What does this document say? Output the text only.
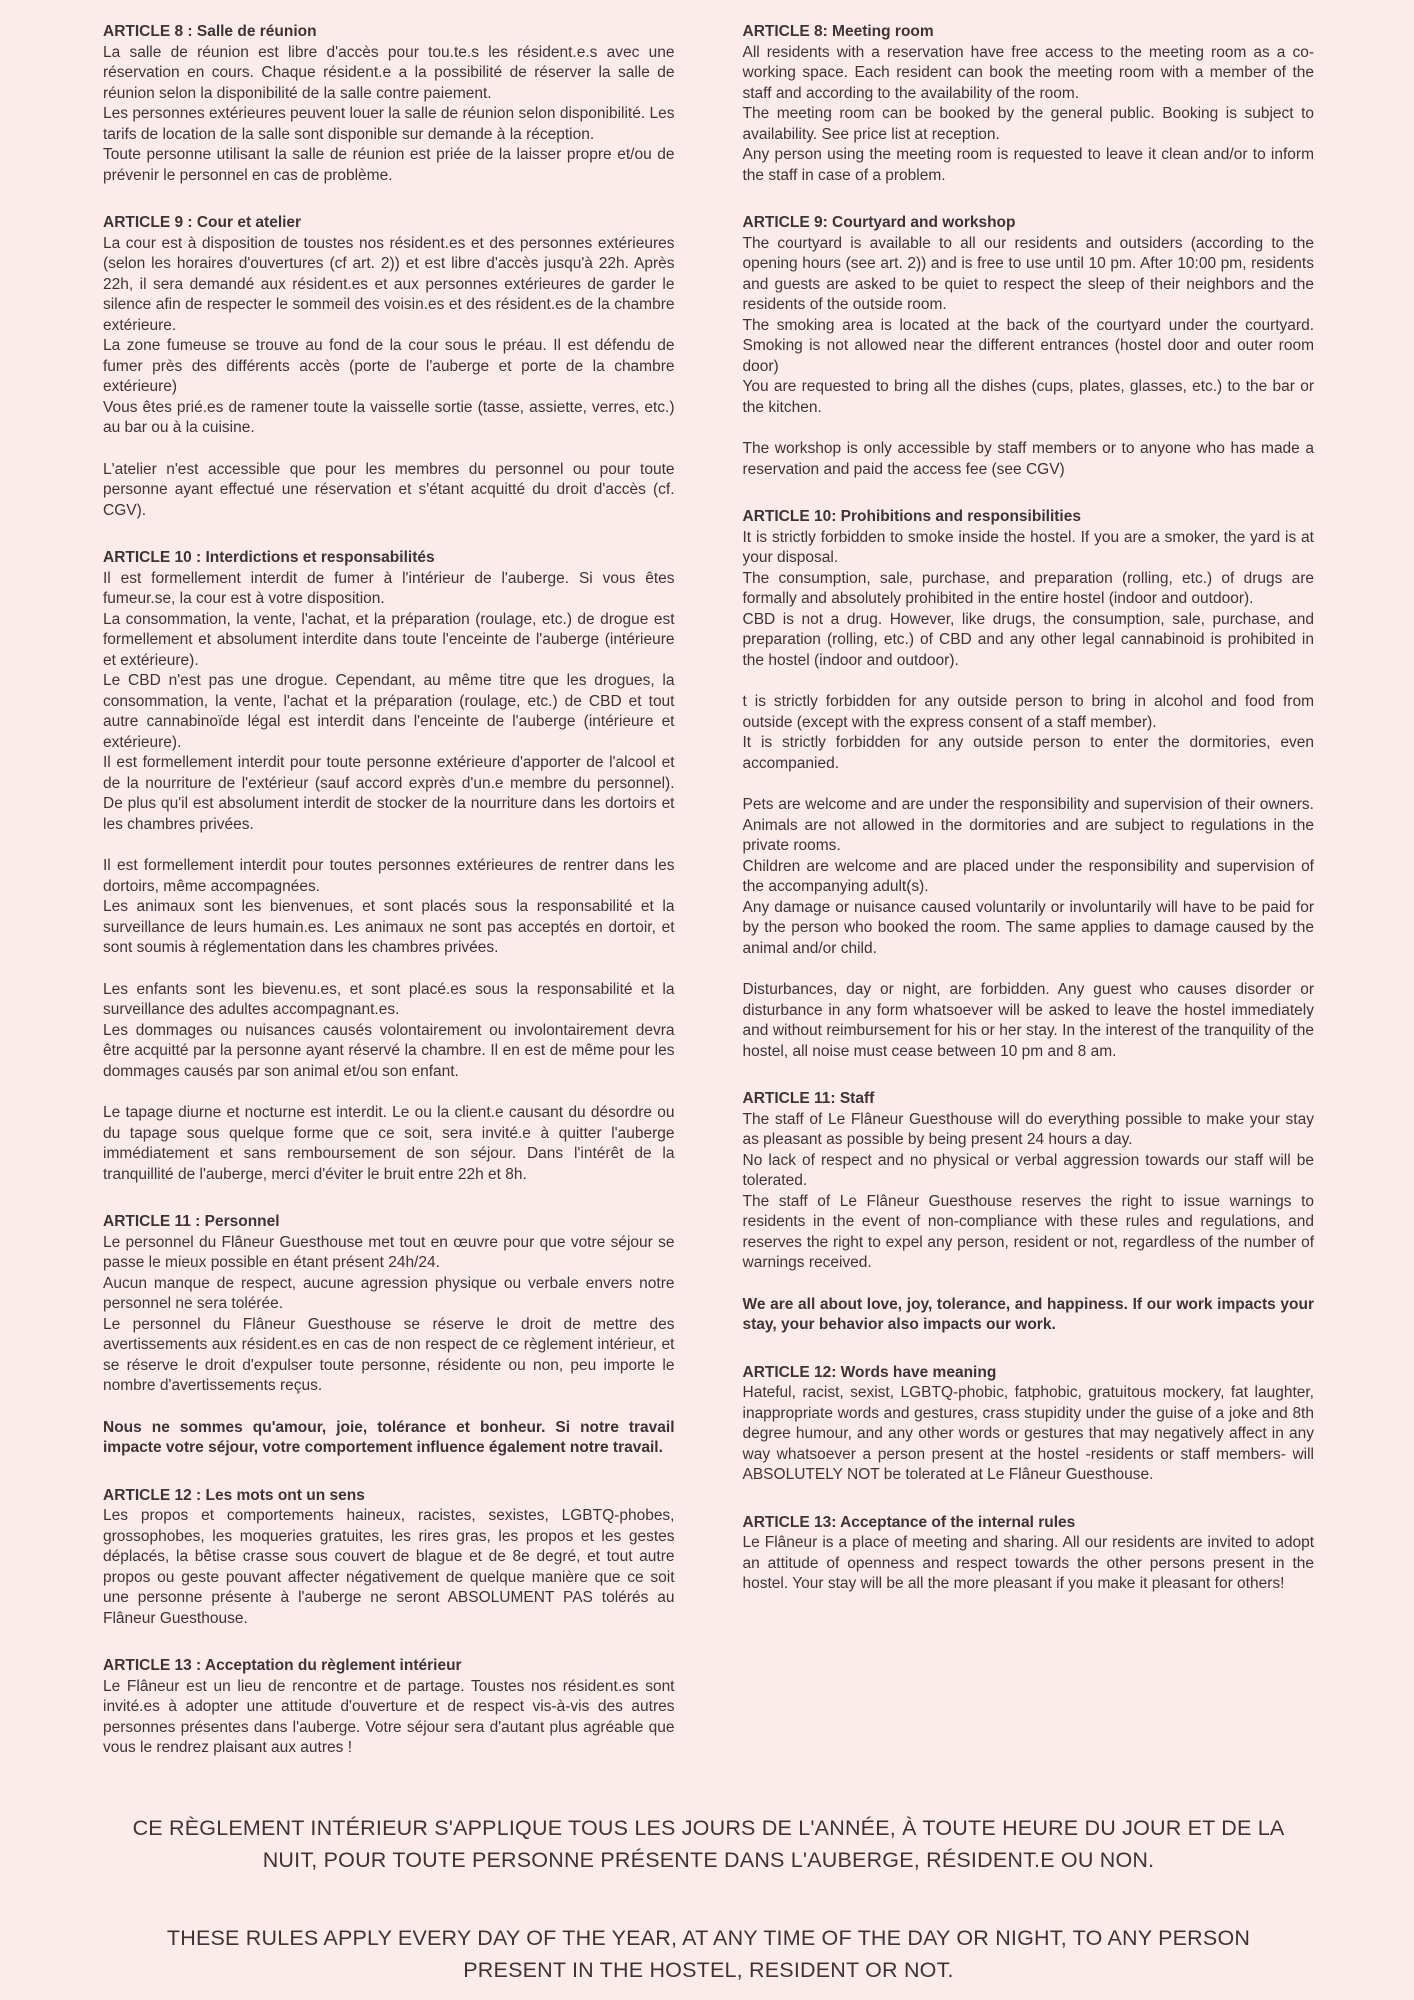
ARTICLE 8 : Salle de réunion

La salle de réunion est libre d'accès pour tou.te.s les résident.e.s avec une réservation en cours. Chaque résident.e a la possibilité de réserver la salle de réunion selon la disponibilité de la salle contre paiement.

Les personnes extérieures peuvent louer la salle de réunion selon disponibilité. Les tarifs de location de la salle sont disponible sur demande à la réception.

Toute personne utilisant la salle de réunion est priée de la laisser propre et/ou de prévenir le personnel en cas de problème.

ARTICLE 9 : Cour et atelier

La cour est à disposition de toustes nos résident.es et des personnes extérieures (selon les horaires d'ouvertures (cf art. 2)) et est libre d'accès jusqu'à 22h. Après 22h, il sera demandé aux résident.es et aux personnes extérieures de garder le silence afin de respecter le sommeil des voisin.es et des résident.es de la chambre extérieure.

La zone fumeuse se trouve au fond de la cour sous le préau. Il est défendu de fumer près des différents accès (porte de l'auberge et porte de la chambre extérieure)

Vous êtes prié.es de ramener toute la vaisselle sortie (tasse, assiette, verres, etc.) au bar ou à la cuisine.

L'atelier n'est accessible que pour les membres du personnel ou pour toute personne ayant effectué une réservation et s'étant acquitté du droit d'accès (cf. CGV).

ARTICLE 10 : Interdictions et responsabilités

Il est formellement interdit de fumer à l'intérieur de l'auberge. Si vous êtes fumeur.se, la cour est à votre disposition.

La consommation, la vente, l'achat, et la préparation (roulage, etc.) de drogue est formellement et absolument interdite dans toute l'enceinte de l'auberge (intérieure et extérieure).

Le CBD n'est pas une drogue. Cependant, au même titre que les drogues, la consommation, la vente, l'achat et la préparation (roulage, etc.) de CBD et tout autre cannabinoïde légal est interdit dans l'enceinte de l'auberge (intérieure et extérieure).

Il est formellement interdit pour toute personne extérieure d'apporter de l'alcool et de la nourriture de l'extérieur (sauf accord exprès d'un.e membre du personnel). De plus qu'il est absolument interdit de stocker de la nourriture dans les dortoirs et les chambres privées.

Il est formellement interdit pour toutes personnes extérieures de rentrer dans les dortoirs, même accompagnées.

Les animaux sont les bienvenues, et sont placés sous la responsabilité et la surveillance de leurs humain.es. Les animaux ne sont pas acceptés en dortoir, et sont soumis à réglementation dans les chambres privées.

Les enfants sont les bievenu.es, et sont placé.es sous la responsabilité et la surveillance des adultes accompagnant.es.

Les dommages ou nuisances causés volontairement ou involontairement devra être acquitté par la personne ayant réservé la chambre. Il en est de même pour les dommages causés par son animal et/ou son enfant.

Le tapage diurne et nocturne est interdit. Le ou la client.e causant du désordre ou du tapage sous quelque forme que ce soit, sera invité.e à quitter l'auberge immédiatement et sans remboursement de son séjour. Dans l'intérêt de la tranquillité de l'auberge, merci d'éviter le bruit entre 22h et 8h.

ARTICLE 11 : Personnel

Le personnel du Flâneur Guesthouse met tout en œuvre pour que votre séjour se passe le mieux possible en étant présent 24h/24.

Aucun manque de respect, aucune agression physique ou verbale envers notre personnel ne sera tolérée.

Le personnel du Flâneur Guesthouse se réserve le droit de mettre des avertissements aux résident.es en cas de non respect de ce règlement intérieur, et se réserve le droit d'expulser toute personne, résidente ou non, peu importe le nombre d'avertissements reçus.

Nous ne sommes qu'amour, joie, tolérance et bonheur. Si notre travail impacte votre séjour, votre comportement influence également notre travail.

ARTICLE 12 : Les mots ont un sens

Les propos et comportements haineux, racistes, sexistes, LGBTQ-phobes, grossophobes, les moqueries gratuites, les rires gras, les propos et les gestes déplacés, la bêtise crasse sous couvert de blague et de 8e degré, et tout autre propos ou geste pouvant affecter négativement de quelque manière que ce soit une personne présente à l'auberge ne seront ABSOLUMENT PAS tolérés au Flâneur Guesthouse.

ARTICLE 13 : Acceptation du règlement intérieur

Le Flâneur est un lieu de rencontre et de partage. Toustes nos résident.es sont invité.es à adopter une attitude d'ouverture et de respect vis-à-vis des autres personnes présentes dans l'auberge. Votre séjour sera d'autant plus agréable que vous le rendrez plaisant aux autres !

ARTICLE 8: Meeting room

All residents with a reservation have free access to the meeting room as a co-working space. Each resident can book the meeting room with a member of the staff and according to the availability of the room.

The meeting room can be booked by the general public. Booking is subject to availability. See price list at reception.

Any person using the meeting room is requested to leave it clean and/or to inform the staff in case of a problem.

ARTICLE 9: Courtyard and workshop

The courtyard is available to all our residents and outsiders (according to the opening hours (see art. 2)) and is free to use until 10 pm. After 10:00 pm, residents and guests are asked to be quiet to respect the sleep of their neighbors and the residents of the outside room.

The smoking area is located at the back of the courtyard under the courtyard. Smoking is not allowed near the different entrances (hostel door and outer room door)

You are requested to bring all the dishes (cups, plates, glasses, etc.) to the bar or the kitchen.

The workshop is only accessible by staff members or to anyone who has made a reservation and paid the access fee (see CGV)

ARTICLE 10: Prohibitions and responsibilities

It is strictly forbidden to smoke inside the hostel. If you are a smoker, the yard is at your disposal.

The consumption, sale, purchase, and preparation (rolling, etc.) of drugs are formally and absolutely prohibited in the entire hostel (indoor and outdoor).

CBD is not a drug. However, like drugs, the consumption, sale, purchase, and preparation (rolling, etc.) of CBD and any other legal cannabinoid is prohibited in the hostel (indoor and outdoor).

t is strictly forbidden for any outside person to bring in alcohol and food from outside (except with the express consent of a staff member).

It is strictly forbidden for any outside person to enter the dormitories, even accompanied.

Pets are welcome and are under the responsibility and supervision of their owners. Animals are not allowed in the dormitories and are subject to regulations in the private rooms.

Children are welcome and are placed under the responsibility and supervision of the accompanying adult(s).

Any damage or nuisance caused voluntarily or involuntarily will have to be paid for by the person who booked the room. The same applies to damage caused by the animal and/or child.

Disturbances, day or night, are forbidden. Any guest who causes disorder or disturbance in any form whatsoever will be asked to leave the hostel immediately and without reimbursement for his or her stay. In the interest of the tranquility of the hostel, all noise must cease between 10 pm and 8 am.

ARTICLE 11: Staff

The staff of Le Flâneur Guesthouse will do everything possible to make your stay as pleasant as possible by being present 24 hours a day.

No lack of respect and no physical or verbal aggression towards our staff will be tolerated.

The staff of Le Flâneur Guesthouse reserves the right to issue warnings to residents in the event of non-compliance with these rules and regulations, and reserves the right to expel any person, resident or not, regardless of the number of warnings received.

We are all about love, joy, tolerance, and happiness. If our work impacts your stay, your behavior also impacts our work.

ARTICLE 12: Words have meaning

Hateful, racist, sexist, LGBTQ-phobic, fatphobic, gratuitous mockery, fat laughter, inappropriate words and gestures, crass stupidity under the guise of a joke and 8th degree humour, and any other words or gestures that may negatively affect in any way whatsoever a person present at the hostel -residents or staff members- will ABSOLUTELY NOT be tolerated at Le Flâneur Guesthouse.

ARTICLE 13: Acceptance of the internal rules

Le Flâneur is a place of meeting and sharing. All our residents are invited to adopt an attitude of openness and respect towards the other persons present in the hostel. Your stay will be all the more pleasant if you make it pleasant for others!

CE RÈGLEMENT INTÉRIEUR S'APPLIQUE TOUS LES JOURS DE L'ANNÉE, À TOUTE HEURE DU JOUR ET DE LA NUIT, POUR TOUTE PERSONNE PRÉSENTE DANS L'AUBERGE, RÉSIDENT.E OU NON.

THESE RULES APPLY EVERY DAY OF THE YEAR, AT ANY TIME OF THE DAY OR NIGHT, TO ANY PERSON PRESENT IN THE HOSTEL, RESIDENT OR NOT.
